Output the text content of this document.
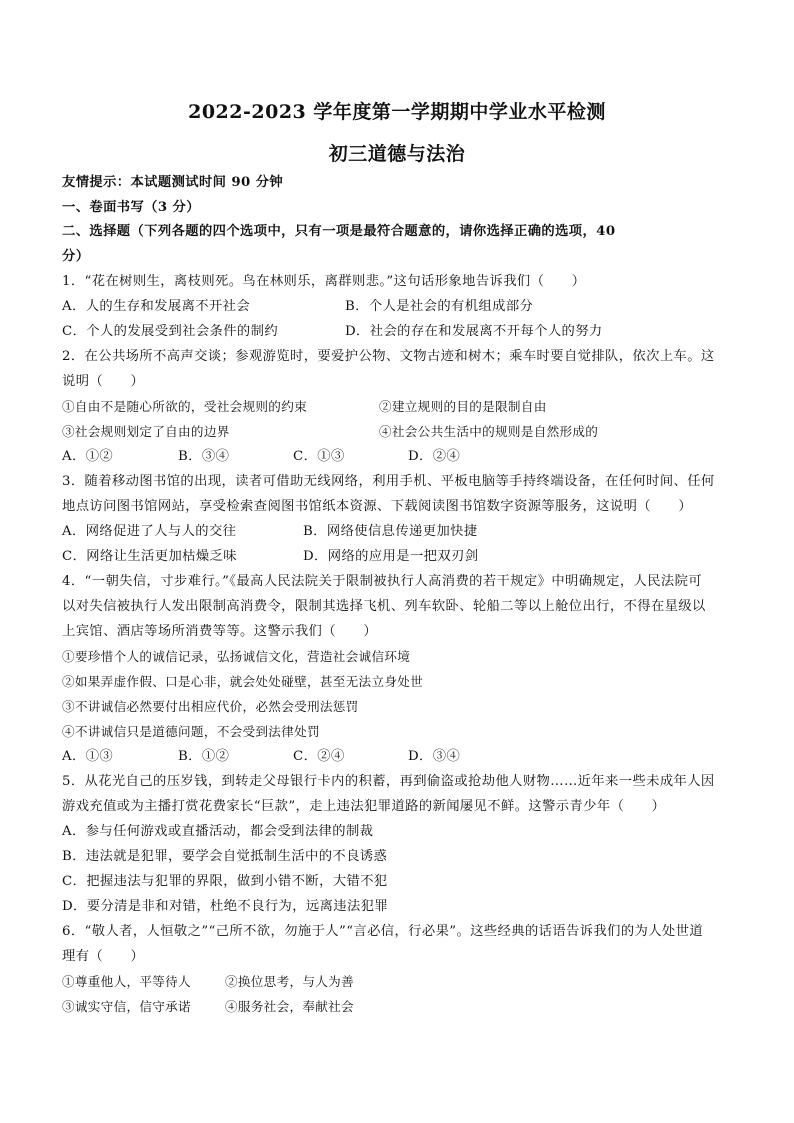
2022-2023 学年度第一学期期中学业水平检测
初三道德与法治
友情提示：本试题测试时间 90 分钟
一、卷面书写（3 分）
二、选择题（下列各题的四个选项中，只有一项是最符合题意的，请你选择正确的选项，40
分）
1．“花在树则生，离枝则死。鸟在林则乐，离群则悲。”这句话形象地告诉我们（　　）
A．人的生存和发展离不开社会	B．个人是社会的有机组成部分
C．个人的发展受到社会条件的制约	D．社会的存在和发展离不开每个人的努力
2．在公共场所不高声交谈；参观游览时，要爱护公物、文物古迹和树木；乘车时要自觉排队，依次上车。这
说明（　　）
①自由不是随心所欲的，受社会规则的约束	②建立规则的目的是限制自由
③社会规则划定了自由的边界	④社会公共生活中的规则是自然形成的
A．①②	B．③④	C．①③	D．②④
3．随着移动图书馆的出现，读者可借助无线网络，利用手机、平板电脑等手持终端设备，在任何时间、任何
地点访问图书馆网站，享受检索查阅图书馆纸本资源、下载阅读图书馆数字资源等服务，这说明（　　）
A．网络促进了人与人的交往	B．网络使信息传递更加快捷
C．网络让生活更加枯燥乏味	D．网络的应用是一把双刃剑
4．“一朝失信，寸步难行。”《最高人民法院关于限制被执行人高消费的若干规定》中明确规定，人民法院可
以对失信被执行人发出限制高消费令，限制其选择飞机、列车软卧、轮船二等以上舱位出行，不得在星级以
上宾馆、酒店等场所消费等等。这警示我们（　　）
①要珍惜个人的诚信记录，弘扬诚信文化，营造社会诚信环境
②如果弄虚作假、口是心非，就会处处碰壁，甚至无法立身处世
③不讲诚信必然要付出相应代价，必然会受刑法惩罚
④不讲诚信只是道德问题，不会受到法律处罚
A．①③	B．①②	C．②④	D．③④
5．从花光自己的压岁钱，到转走父母银行卡内的积蓄，再到偷盗或抢劫他人财物……近年来一些未成年人因
游戏充值或为主播打赏花费家长“巨款”，走上违法犯罪道路的新闻屡见不鲜。这警示青少年（　　）
A．参与任何游戏或直播活动，都会受到法律的制裁
B．违法就是犯罪，要学会自觉抵制生活中的不良诱惑
C．把握违法与犯罪的界限，做到小错不断，大错不犯
D．要分清是非和对错，杜绝不良行为，远离违法犯罪
6．“敬人者，人恒敬之”“己所不欲，勿施于人”“言必信，行必果”。这些经典的话语告诉我们的为人处世道
理有（　　）
①尊重他人，平等待人	②换位思考，与人为善
③诚实守信，信守承诺	④服务社会，奉献社会
